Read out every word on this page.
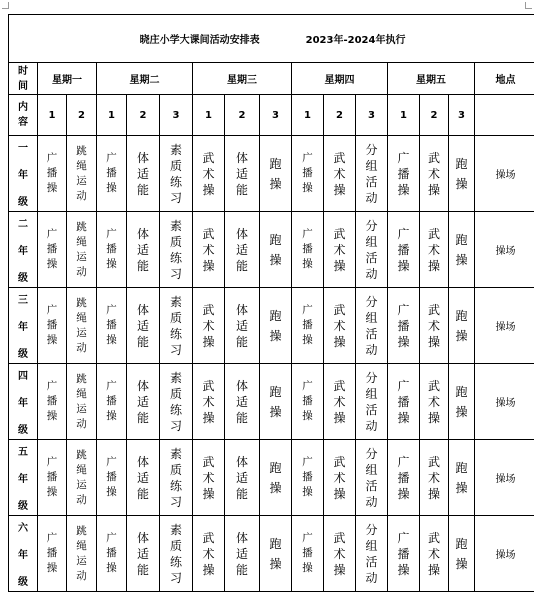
晓庄小学大课间活动安排表 2023年-2024年执行															

时
间	星期一		星期二			星期三			星期四			星期五			地点

内
容	1	2	1	2	3	1	2	3	1	2	3	1	2	3	

一
年
级	广
播
操	跳
绳
运
动	广
播
操	体
适
能	素
质
练
习	武
术
操	体
适
能	跑
操	广
播
操	武
术
操	分
组
活
动	广
播
操	武
术
操	跑
操	操场

二
年
级	广
播
操	跳
绳
运
动	广
播
操	体
适
能	素
质
练
习	武
术
操	体
适
能	跑
操	广
播
操	武
术
操	分
组
活
动	广
播
操	武
术
操	跑
操	操场

三
年
级	广
播
操	跳
绳
运
动	广
播
操	体
适
能	素
质
练
习	武
术
操	体
适
能	跑
操	广
播
操	武
术
操	分
组
活
动	广
播
操	武
术
操	跑
操	操场

四
年
级	广
播
操	跳
绳
运
动	广
播
操	体
适
能	素
质
练
习	武
术
操	体
适
能	跑
操	广
播
操	武
术
操	分
组
活
动	广
播
操	武
术
操	跑
操	操场

五
年
级	广
播
操	跳
绳
运
动	广
播
操	体
适
能	素
质
练
习	武
术
操	体
适
能	跑
操	广
播
操	武
术
操	分
组
活
动	广
播
操	武
术
操	跑
操	操场

六
年
级	广
播
操	跳
绳
运
动	广
播
操	体
适
能	素
质
练
习	武
术
操	体
适
能	跑
操	广
播
操	武
术
操	分
组
活
动	广
播
操	武
术
操	跑
操	操场
